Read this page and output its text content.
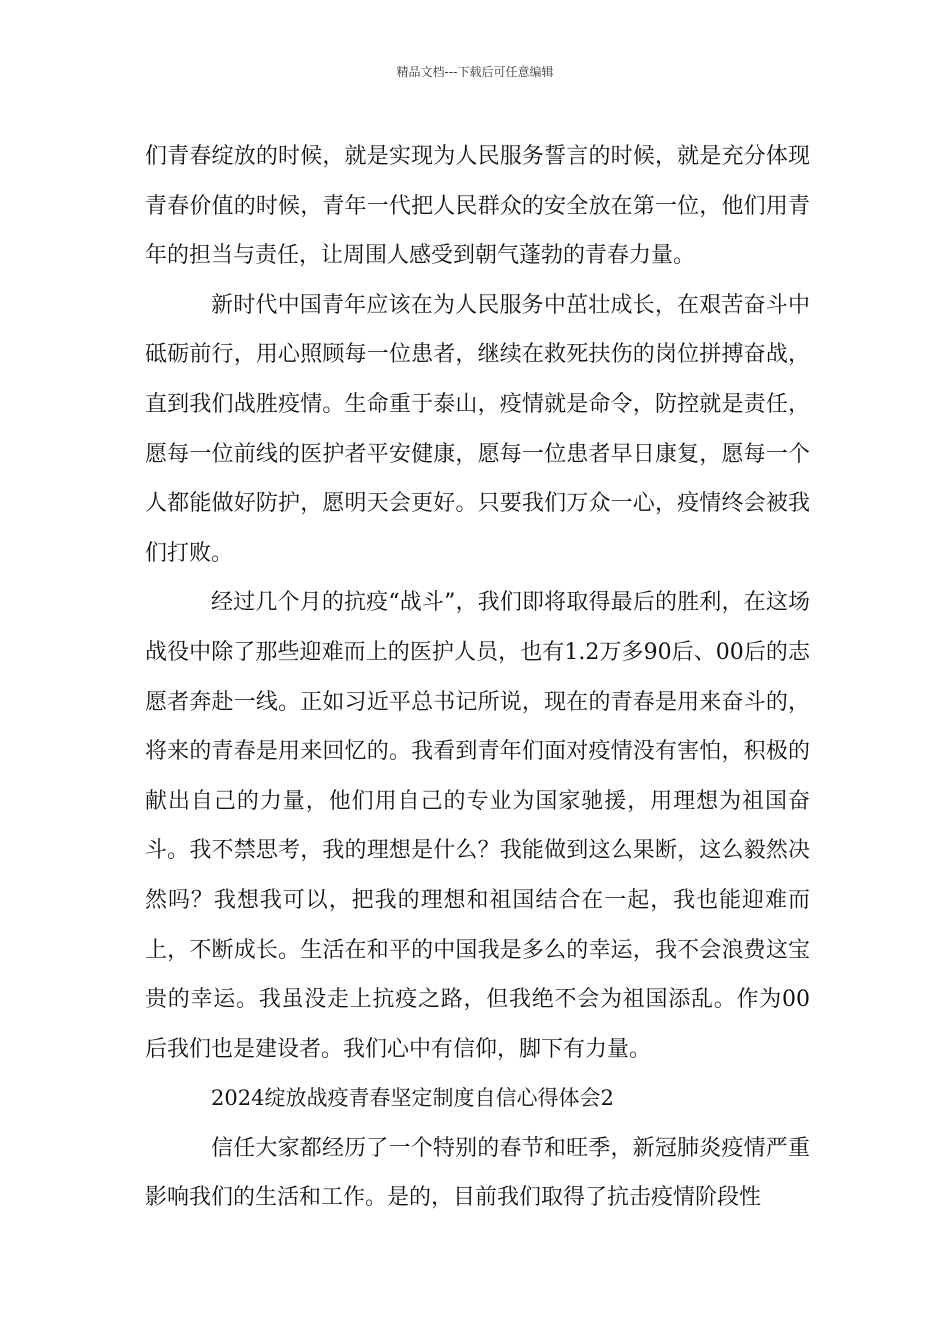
精品文档---下载后可任意编辑

们青春绽放的时候，就是实现为人民服务誓言的时候，就是充分体现青春价值的时候，青年一代把人民群众的安全放在第一位，他们用青年的担当与责任，让周围人感受到朝气蓬勃的青春力量。

新时代中国青年应该在为人民服务中茁壮成长，在艰苦奋斗中砥砺前行，用心照顾每一位患者，继续在救死扶伤的岗位拼搏奋战，直到我们战胜疫情。生命重于泰山，疫情就是命令，防控就是责任，愿每一位前线的医护者平安健康，愿每一位患者早日康复，愿每一个人都能做好防护，愿明天会更好。只要我们万众一心，疫情终会被我们打败。

经过几个月的抗疫“战斗”，我们即将取得最后的胜利，在这场战役中除了那些迎难而上的医护人员，也有1.2万多90后、00后的志愿者奔赴一线。正如习近平总书记所说，现在的青春是用来奋斗的，将来的青春是用来回忆的。我看到青年们面对疫情没有害怕，积极的献出自己的力量，他们用自己的专业为国家驰援，用理想为祖国奋斗。我不禁思考，我的理想是什么？我能做到这么果断，这么毅然决然吗？我想我可以，把我的理想和祖国结合在一起，我也能迎难而上，不断成长。生活在和平的中国我是多么的幸运，我不会浪费这宝贵的幸运。我虽没走上抗疫之路，但我绝不会为祖国添乱。作为00后我们也是建设者。我们心中有信仰，脚下有力量。

2024绽放战疫青春坚定制度自信心得体会2

信任大家都经历了一个特别的春节和旺季，新冠肺炎疫情严重影响我们的生活和工作。是的，目前我们取得了抗击疫情阶段性
